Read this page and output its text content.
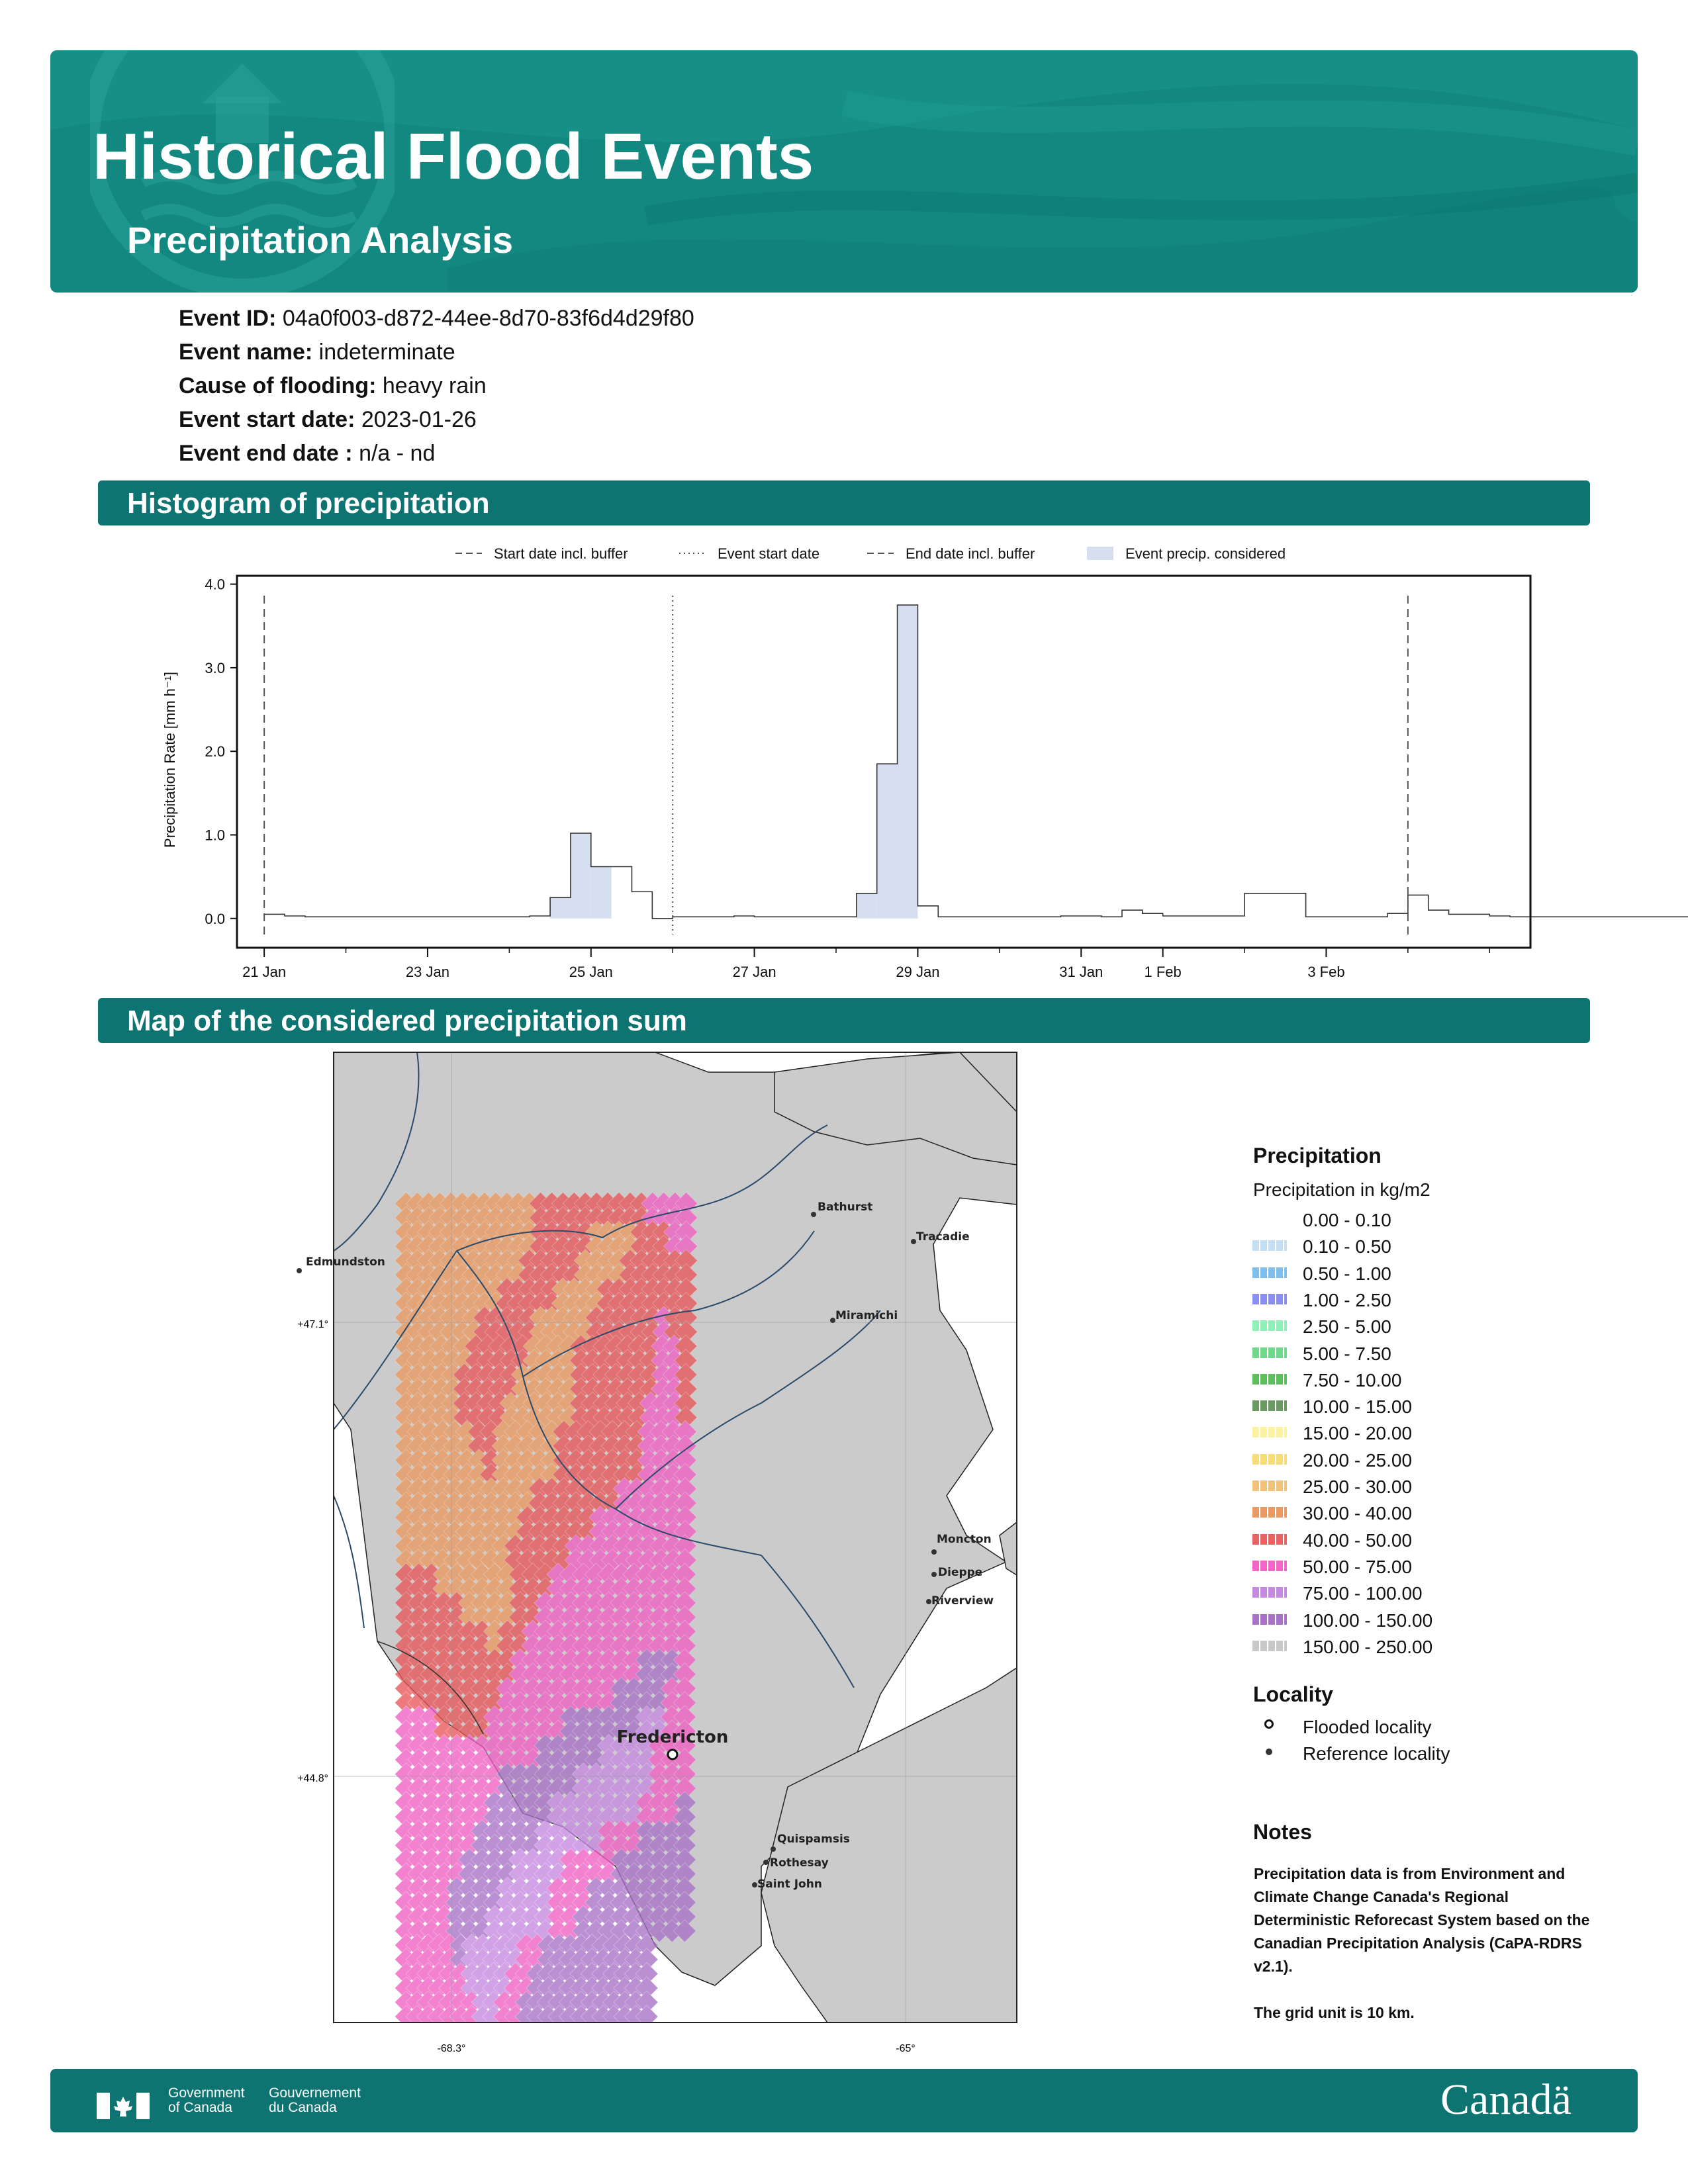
Historical Flood Events
Precipitation Analysis
Event ID: 04a0f003-d872-44ee-8d70-83f6d4d29f80
Event name: indeterminate
Cause of flooding: heavy rain
Event start date: 2023-01-26
Event end date : n/a - nd
Histogram of precipitation
Start date incl. buffer	Event start date	End date incl. buffer	Event precip. considered
0.0
1.0
2.0
3.0
4.0
21 Jan	23 Jan	25 Jan	27 Jan	29 Jan	31 Jan	1 Feb	3 Feb
Precipitation Rate [mm h⁻¹]
Map of the considered precipitation sum
+47.1°
+44.8°
-68.3°	-65°
Edmundston
Bathurst
Tracadie
Miramichi
Moncton
Dieppe
Riverview
Fredericton
Quispamsis
Rothesay
Saint John
Precipitation
Precipitation in kg/m2
0.00 - 0.10
0.10 - 0.50
0.50 - 1.00
1.00 - 2.50
2.50 - 5.00
5.00 - 7.50
7.50 - 10.00
10.00 - 15.00
15.00 - 20.00
20.00 - 25.00
25.00 - 30.00
30.00 - 40.00
40.00 - 50.00
50.00 - 75.00
75.00 - 100.00
100.00 - 150.00
150.00 - 250.00
Locality
Flooded locality
Reference locality
Notes
Precipitation data is from Environment and Climate Change Canada's Regional Deterministic Reforecast System based on the Canadian Precipitation Analysis (CaPA-RDRS v2.1).
The grid unit is 10 km.
Government
of Canada
Gouvernement
du Canada	Canadä
